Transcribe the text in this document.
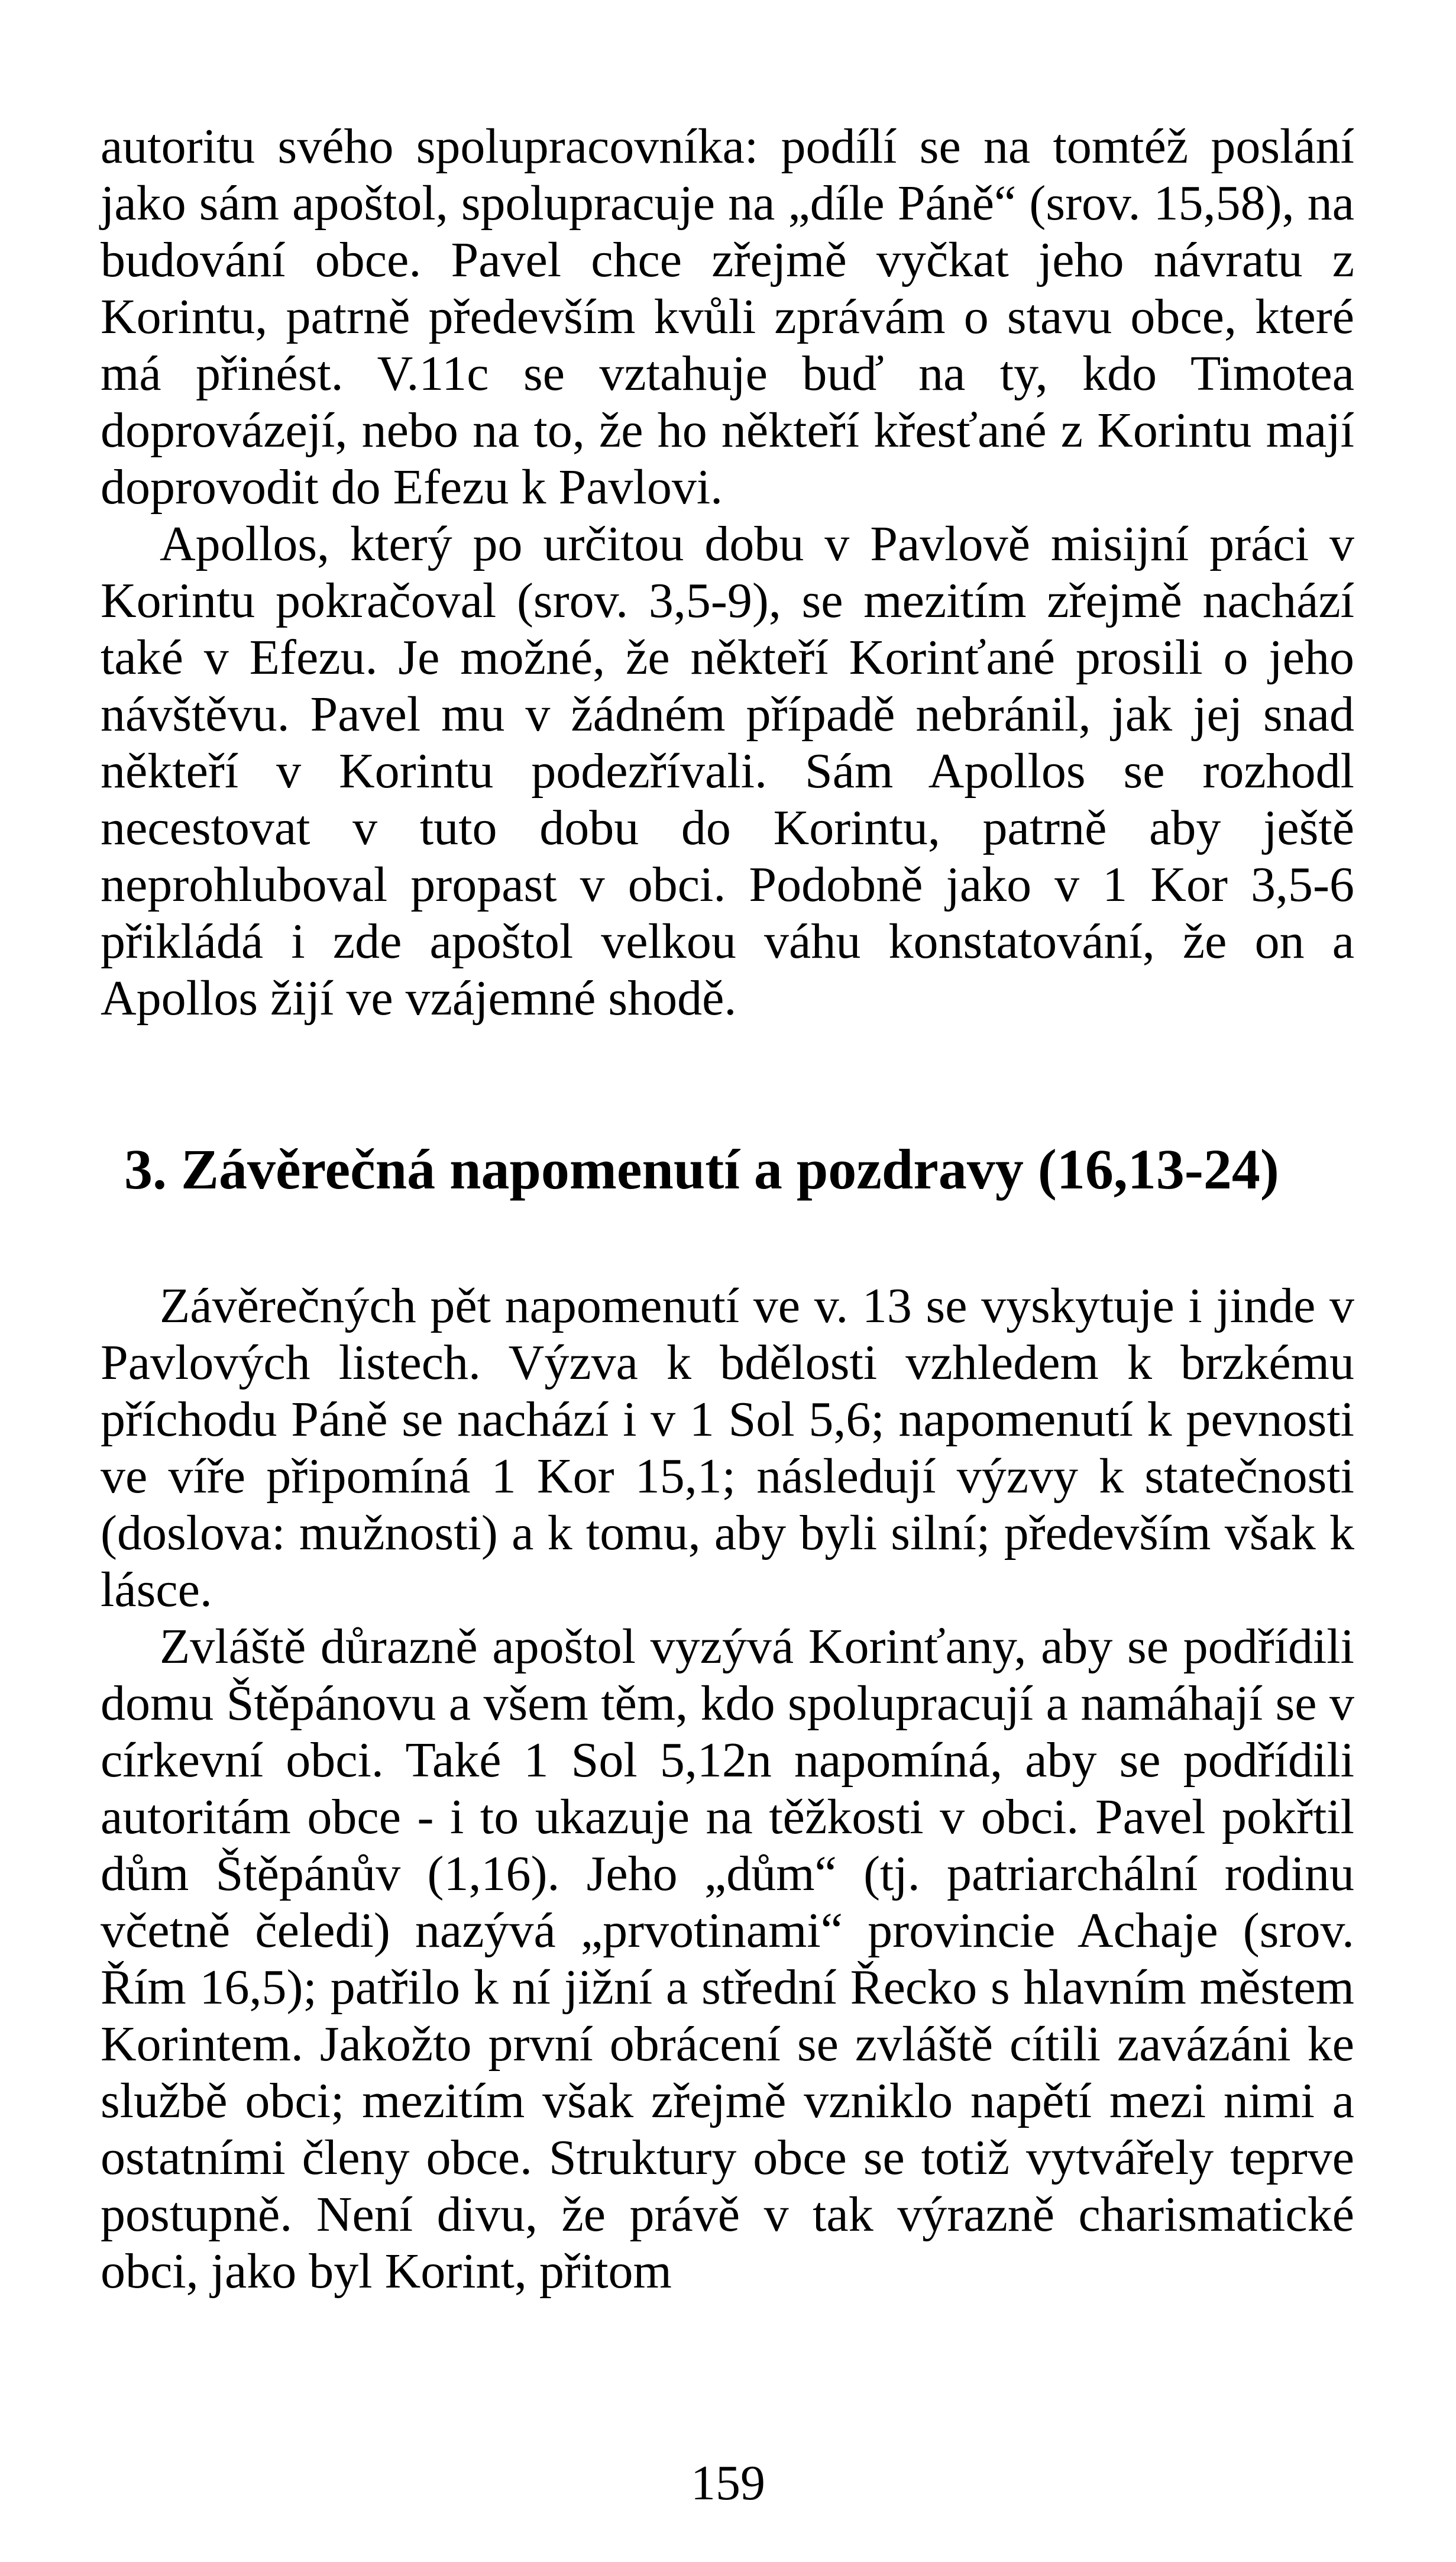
autoritu svého spolupracovníka: podílí se na tomtéž poslání jako sám apoštol, spolupracuje na „díle Páně“ (srov. 15,58), na budování obce. Pavel chce zřejmě vyčkat jeho návratu z Korintu, patrně především kvůli zprávám o stavu obce, které má přinést. V.11c se vztahuje buď na ty, kdo Timotea doprovázejí, nebo na to, že ho někteří křesťané z Korintu mají doprovodit do Efezu k Pavlovi.

Apollos, který po určitou dobu v Pavlově misijní práci v Korintu pokračoval (srov. 3,5-9), se mezitím zřejmě nachází také v Efezu. Je možné, že někteří Korinťané prosili o jeho návštěvu. Pavel mu v žádném případě nebránil, jak jej snad někteří v Korintu podezřívali. Sám Apollos se rozhodl necestovat v tuto dobu do Korintu, patrně aby ještě neprohluboval propast v obci. Podobně jako v 1 Kor 3,5-6 přikládá i zde apoštol velkou váhu konstatování, že on a Apollos žijí ve vzájemné shodě.

3. Závěrečná napomenutí a pozdravy (16,13-24)

Závěrečných pět napomenutí ve v. 13 se vyskytuje i jinde v Pavlových listech. Výzva k bdělosti vzhledem k brzkému příchodu Páně se nachází i v 1 Sol 5,6; napomenutí k pevnosti ve víře připomíná 1 Kor 15,1; následují výzvy k statečnosti (doslova: mužnosti) a k tomu, aby byli silní; především však k lásce.

Zvláště důrazně apoštol vyzývá Korinťany, aby se podřídili domu Štěpánovu a všem těm, kdo spolupracují a namáhají se v církevní obci. Také 1 Sol 5,12n napomíná, aby se podřídili autoritám obce - i to ukazuje na těžkosti v obci. Pavel pokřtil dům Štěpánův (1,16). Jeho „dům“ (tj. patriarchální rodinu včetně čeledi) nazývá „prvotinami“ provincie Achaje (srov. Řím 16,5); patřilo k ní jižní a střední Řecko s hlavním městem Korintem. Jakožto první obrácení se zvláště cítili zavázáni ke službě obci; mezitím však zřejmě vzniklo napětí mezi nimi a ostatními členy obce. Struktury obce se totiž vytvářely teprve postupně. Není divu, že právě v tak výrazně charismatické obci, jako byl Korint, přitom

159
